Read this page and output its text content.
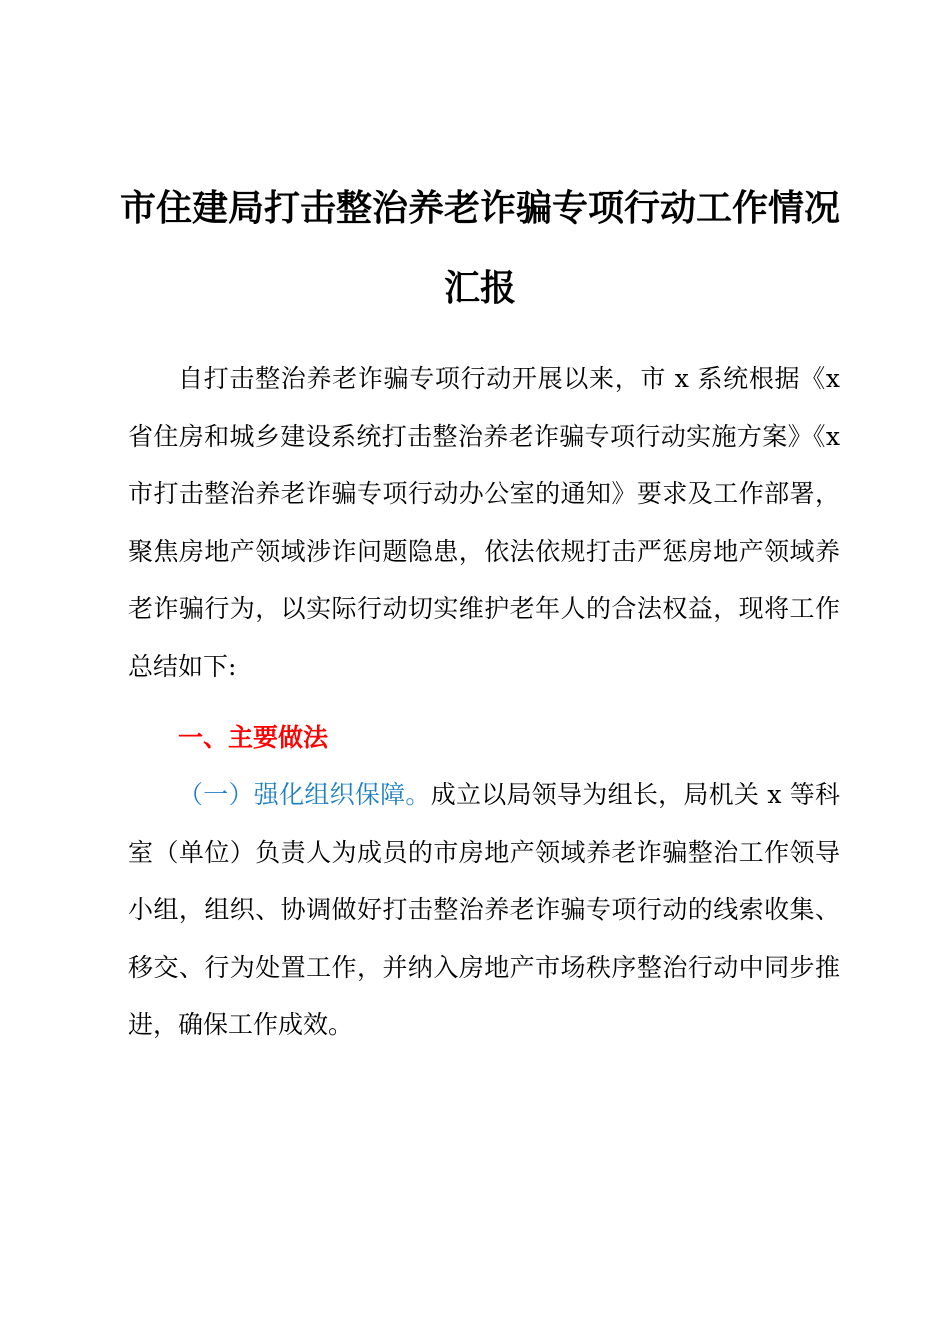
市住建局打击整治养老诈骗专项行动工作情况
汇报

自打击整治养老诈骗专项行动开展以来，市 x 系统根据《x 省住房和城乡建设系统打击整治养老诈骗专项行动实施方案》《x 市打击整治养老诈骗专项行动办公室的通知》要求及工作部署，聚焦房地产领域涉诈问题隐患，依法依规打击严惩房地产领域养老诈骗行为，以实际行动切实维护老年人的合法权益，现将工作总结如下:

一、主要做法

（一）强化组织保障。成立以局领导为组长，局机关 x 等科室（单位）负责人为成员的市房地产领域养老诈骗整治工作领导小组，组织、协调做好打击整治养老诈骗专项行动的线索收集、移交、行为处置工作，并纳入房地产市场秩序整治行动中同步推进，确保工作成效。
